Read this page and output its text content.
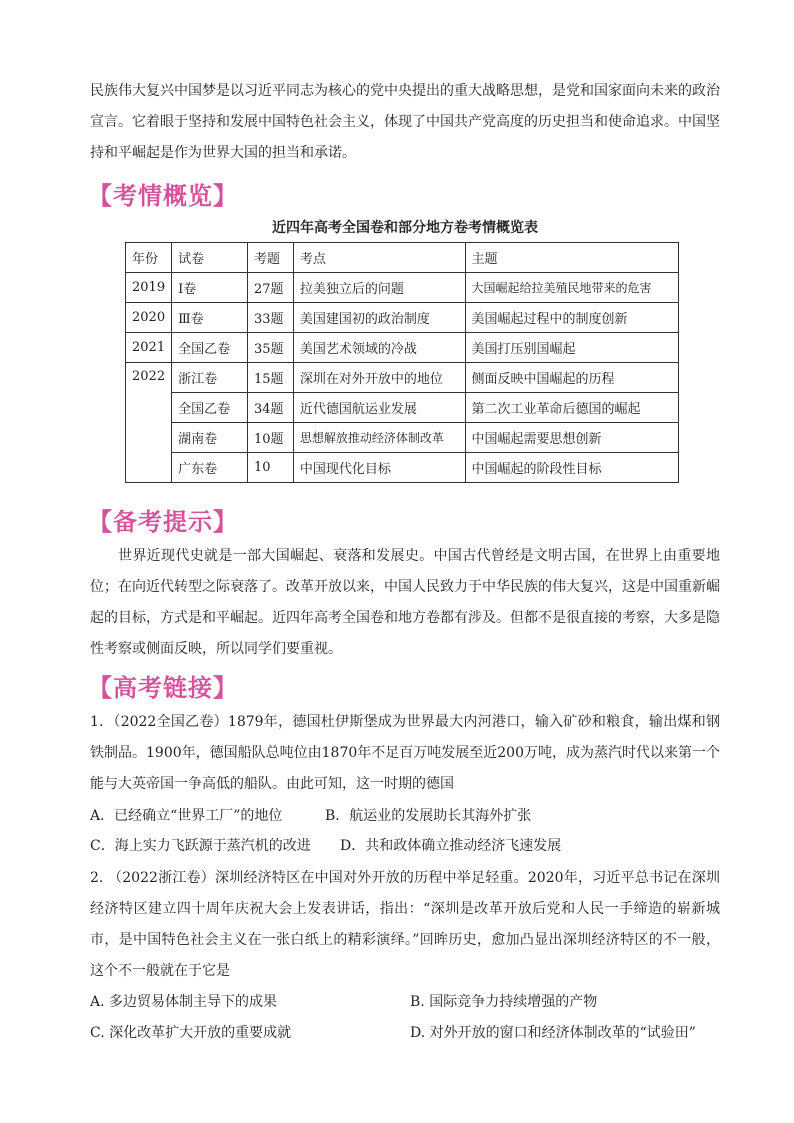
民族伟大复兴中国梦是以习近平同志为核心的党中央提出的重大战略思想，是党和国家面向未来的政治宣言。它着眼于坚持和发展中国特色社会主义，体现了中国共产党高度的历史担当和使命追求。中国坚持和平崛起是作为世界大国的担当和承诺。

【考情概览】

近四年高考全国卷和部分地方卷考情概览表

年份	试卷	考题	考点	主题
2019	Ⅰ卷	27题	拉美独立后的问题	大国崛起给拉美殖民地带来的危害
2020	Ⅲ卷	33题	美国建国初的政治制度	美国崛起过程中的制度创新
2021	全国乙卷	35题	美国艺术领域的冷战	美国打压别国崛起
2022	浙江卷	15题	深圳在对外开放中的地位	侧面反映中国崛起的历程
	全国乙卷	34题	近代德国航运业发展	第二次工业革命后德国的崛起
	湖南卷	10题	思想解放推动经济体制改革	中国崛起需要思想创新
	广东卷	10	中国现代化目标	中国崛起的阶段性目标
【备考提示】

世界近现代史就是一部大国崛起、衰落和发展史。中国古代曾经是文明古国，在世界上由重要地位；在向近代转型之际衰落了。改革开放以来，中国人民致力于中华民族的伟大复兴，这是中国重新崛起的目标，方式是和平崛起。近四年高考全国卷和地方卷都有涉及。但都不是很直接的考察，大多是隐性考察或侧面反映，所以同学们要重视。

【高考链接】

1．（2022全国乙卷）1879年，德国杜伊斯堡成为世界最大内河港口，输入矿砂和粮食，输出煤和钢铁制品。1900年，德国船队总吨位由1870年不足百万吨发展至近200万吨，成为蒸汽时代以来第一个能与大英帝国一争高低的船队。由此可知，这一时期的德国

A．已经确立“世界工厂”的地位	B．航运业的发展助长其海外扩张

C．海上实力飞跃源于蒸汽机的改进 D．共和政体确立推动经济飞速发展

2. （2022浙江卷）深圳经济特区在中国对外开放的历程中举足轻重。2020年，习近平总书记在深圳经济特区建立四十周年庆祝大会上发表讲话，指出：“深圳是改革开放后党和人民一手缔造的崭新城市，是中国特色社会主义在一张白纸上的精彩演绎。”回眸历史，愈加凸显出深圳经济特区的不一般，这个不一般就在于它是

A. 多边贸易体制主导下的成果	B. 国际竞争力持续增强的产物

C. 深化改革扩大开放的重要成就	D. 对外开放的窗口和经济体制改革的“试验田”
